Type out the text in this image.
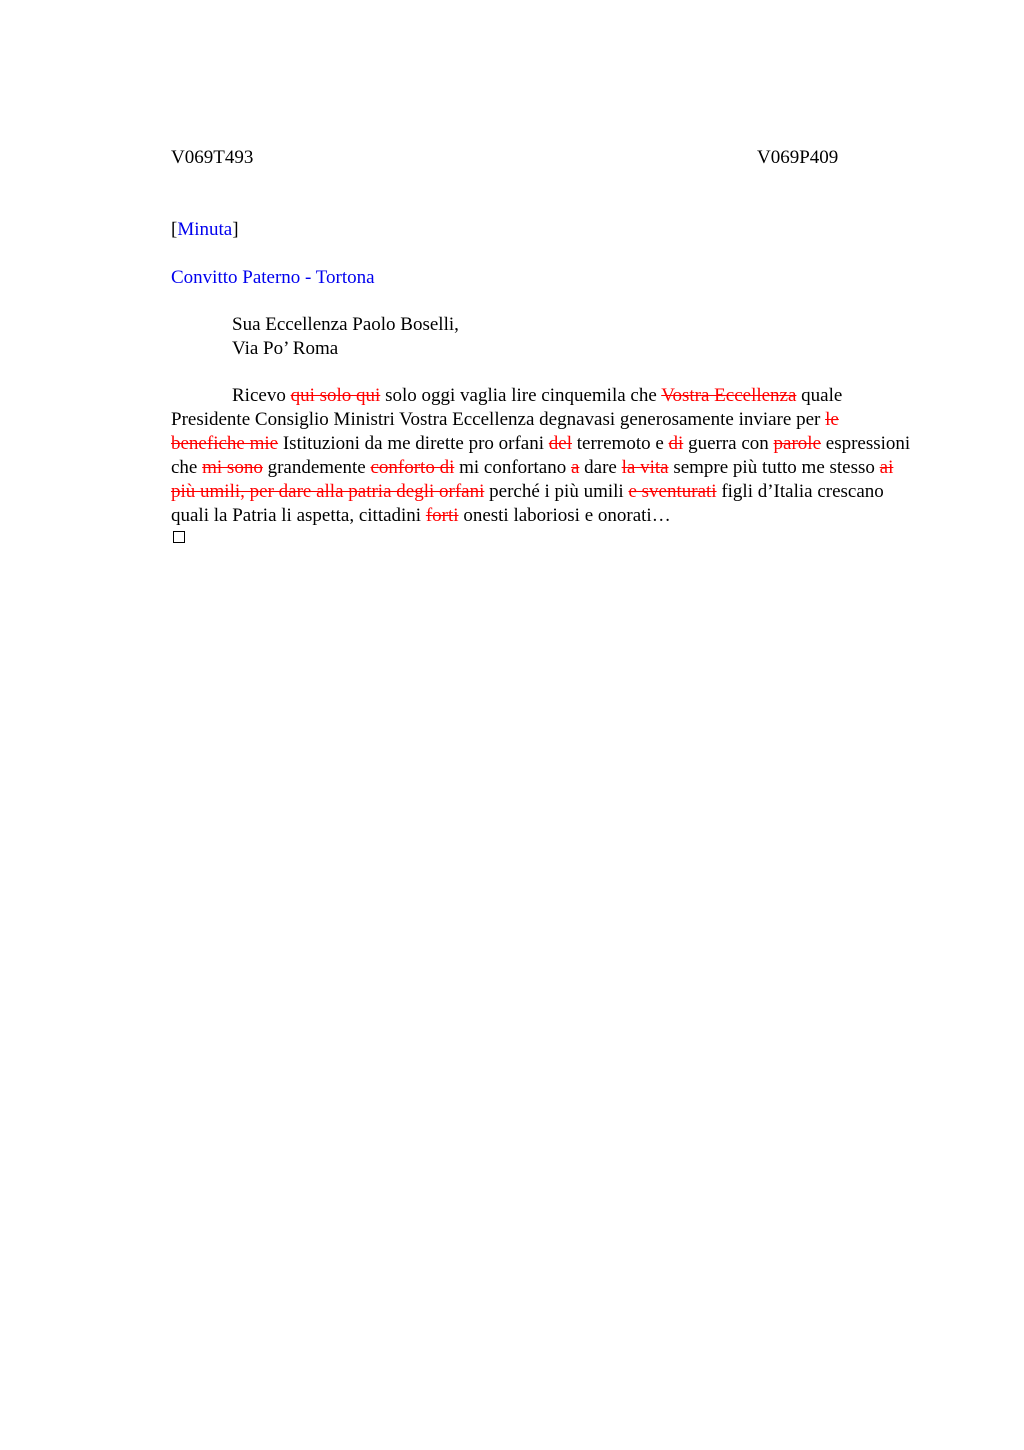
V069T493	V069P409
[Minuta]
Convitto Paterno - Tortona
Sua Eccellenza Paolo Boselli,
Via Po’ Roma
Ricevo qui solo qui solo oggi vaglia lire cinquemila che Vostra Eccellenza quale Presidente Consiglio Ministri Vostra Eccellenza degnavasi generosamente inviare per le benefiche mie Istituzioni da me dirette pro orfani del terremoto e di guerra con parole espressioni che mi sono grandemente conforto di mi confortano a dare la vita sempre più tutto me stesso ai più umili, per dare alla patria degli orfani perché i più umili e sventurati figli d’Italia crescano quali la Patria li aspetta, cittadini forti onesti laboriosi e onorati…
